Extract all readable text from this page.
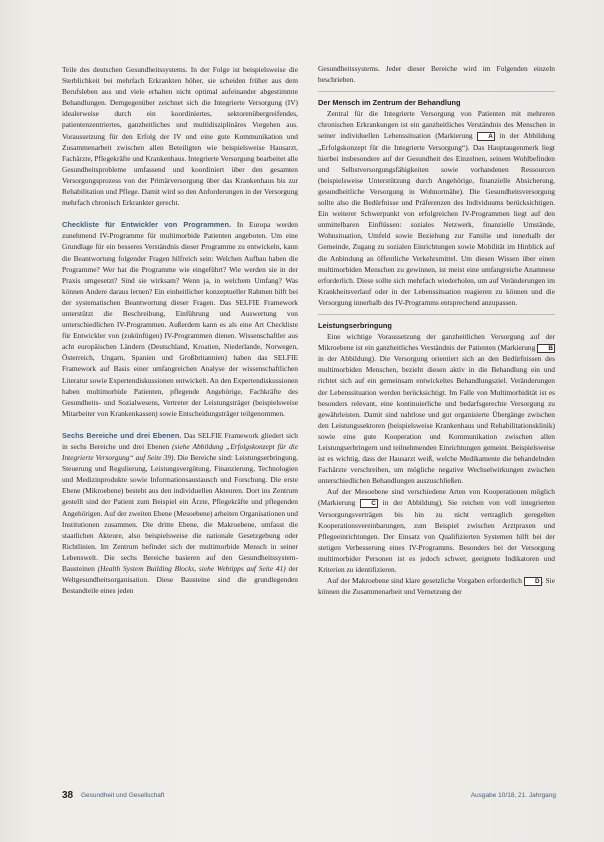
Teile des deutschen Gesundheitssystems. In der Folge ist beispielsweise die Sterblichkeit bei mehrfach Erkrankten höher, sie scheiden früher aus dem Berufsleben aus und viele erhalten nicht optimal aufeinander abgestimmte Behandlungen. Demgegenüber zeichnet sich die Integrierte Versorgung (IV) idealerweise durch ein koordiniertes, sektorenübergreifendes, patientenzentriertes, ganzheitliches und multidisziplinäres Vorgehen aus. Voraussetzung für den Erfolg der IV und eine gute Kommunikation und Zusammenarbeit zwischen allen Beteiligten wie beispielsweise Hausarzt, Fachärzte, Pflegekräfte und Krankenhaus. Integrierte Versorgung bearbeitet alle Gesundheitsprobleme umfassend und koordiniert über den gesamten Versorgungsprozess von der Primärversorgung über das Krankenhaus bis zur Rehabilitation und Pflege. Damit wird so den Anforderungen in der Versorgung mehrfach chronisch Erkrankter gerecht.

Checkliste für Entwickler von Programmen. In Europa werden zunehmend IV-Programme für multimorbide Patienten angeboten. Um eine Grundlage für ein besseres Verständnis dieser Programme zu entwickeln, kann die Beantwortung folgender Fragen hilfreich sein: Welchen Aufbau haben die Programme? Wer hat die Programme wie eingeführt? Wie werden sie in der Praxis umgesetzt? Sind sie wirksam? Wenn ja, in welchem Umfang? Was können Andere daraus lernen? Ein einheitlicher konzeptueller Rahmen hilft bei der systematischen Beantwortung dieser Fragen. Das SELFIE Framework unterstützt die Beschreibung, Einführung und Auswertung von unterschiedlichen IV-Programmen. Außerdem kann es als eine Art Checkliste für Entwickler von (zukünftigen) IV-Programmen dienen. Wissenschaftler aus acht europäischen Ländern (Deutschland, Kroatien, Niederlande, Norwegen, Österreich, Ungarn, Spanien und Großbritannien) haben das SELFIE Framework auf Basis einer umfangreichen Analyse der wissenschaftlichen Literatur sowie Expertendiskussionen entwickelt. An den Expertendiskussionen haben multimorbide Patienten, pflegende Angehörige, Fachkräfte des Gesundheits- und Sozialwesens, Vertreter der Leistungsträger (beispielsweise Mitarbeiter von Krankenkassen) sowie Entscheidungsträger teilgenommen.

Sechs Bereiche und drei Ebenen. Das SELFIE Framework gliedert sich in sechs Bereiche und drei Ebenen (siehe Abbildung „Erfolgskonzept für die Integrierte Versorgung“ auf Seite 39). Die Bereiche sind: Leistungserbringung, Steuerung und Regulierung, Leistungsvergütung, Finanzierung, Technologien und Medizinprodukte sowie Informationsaustausch und Forschung. Die erste Ebene (Mikroebene) besteht aus den individuellen Akteuren. Dort ins Zentrum gestellt sind der Patient zum Beispiel ein Ärzte, Pflegekräfte und pflegenden Angehörigen. Auf der zweiten Ebene (Mesoebene) arbeiten Organisationen und Institutionen zusammen. Die dritte Ebene, die Makroebene, umfasst die staatlichen Akteure, also beispielsweise die nationale Gesetzgebung oder Richtlinien. Im Zentrum befindet sich der multimorbide Mensch in seiner Lebenswelt. Die sechs Bereiche basieren auf den Gesundheitssystem-Bausteinen (Health System Building Blocks, siehe Webtipps auf Seite 41) der Weltgesundheitsorganisation. Diese Bausteine sind die grundlegenden Bestandteile eines jeden

Gesundheitssystems. Jeder dieser Bereiche wird im Folgenden einzeln beschrieben.

Der Mensch im Zentrum der Behandlung

Zentral für die Integrierte Versorgung von Patienten mit mehreren chronischen Erkrankungen ist ein ganzheitliches Verständnis des Menschen in seiner individuellen Lebenssituation (Markierung A in der Abbildung „Erfolgskonzept für die Integrierte Versorgung“). Das Hauptaugenmerk liegt hierbei insbesondere auf der Gesundheit des Einzelnen, seinem Wohlbefinden und Selbstversorgungsfähigkeiten sowie vorhandenen Ressourcen (beispielsweise Unterstützung durch Angehörige, finanzielle Absicherung, gesundheitliche Versorgung in Wohnortnähe). Die Gesundheitsversorgung sollte also die Bedürfnisse und Präferenzen des Individuums berücksichtigen. Ein weiterer Schwerpunkt von erfolgreichen IV-Programmen liegt auf den unmittelbaren Einflüssen: soziales Netzwerk, finanzielle Umstände, Wohnsituation, Umfeld sowie Beziehung zur Familie und innerhalb der Gemeinde, Zugang zu sozialen Einrichtungen sowie Mobilität im Hinblick auf die Anbindung an öffentliche Verkehrsmittel. Um diesen Wissen über einen multimorbiden Menschen zu gewinnen, ist meist eine umfangreiche Anamnese erforderlich. Diese sollte sich mehrfach wiederholen, um auf Veränderungen im Krankheitsverlauf oder in der Lebenssituation reagieren zu können und die Versorgung innerhalb des IV-Programms entsprechend anzupassen.

Leistungserbringung

Eine wichtige Voraussetzung der ganzheitlichen Versorgung auf der Mikroebene ist ein ganzheitliches Verständnis der Patienten (Markierung B in der Abbildung). Die Versorgung orientiert sich an den Bedürfnissen des multimorbiden Menschen, bezieht diesen aktiv in die Behandlung ein und richtet sich auf ein gemeinsam entwickeltes Behandlungsziel. Veränderungen der Lebenssituation werden berücksichtigt. Im Falle von Multimorbidität ist es besonders relevant, eine kontinuierliche und bedarfsgerechte Versorgung zu gewährleisten. Damit sind nahtlose und gut organisierte Übergänge zwischen den Leistungssektoren (beispielsweise Krankenhaus und Rehabilitationsklinik) sowie eine gute Kooperation und Kommunikation zwischen allen Leistungserbringern und teilnehmenden Einrichtungen gemeint. Beispielsweise ist es wichtig, dass der Hausarzt weiß, welche Medikamente die behandelnden Fachärzte verschreiben, um mögliche negative Wechselwirkungen zwischen unterschiedlichen Behandlungen auszuschließen.

Auf der Mesoebene sind verschiedene Arten von Kooperationen möglich (Markierung C in der Abbildung). Sie reichen von voll integrierten Versorgungsverträgen bis hin zu nicht vertraglich geregelten Kooperationsvereinbarungen, zum Beispiel zwischen Arztpraxen und Pflegeeinrichtungen. Der Einsatz von Qualifizierten Systemen hilft bei der stetigen Verbesserung eines IV-Programms. Besonders bei der Versorgung multimorbider Personen ist es jedoch schwer, geeignete Indikatoren und Kriterien zu identifizieren.

Auf der Makroebene sind klare gesetzliche Vorgaben erforderlich D . Sie können die Zusammenarbeit und Vernetzung der

38 Gesundheit und Gesellschaft	Ausgabe 10/18, 21. Jahrgang
